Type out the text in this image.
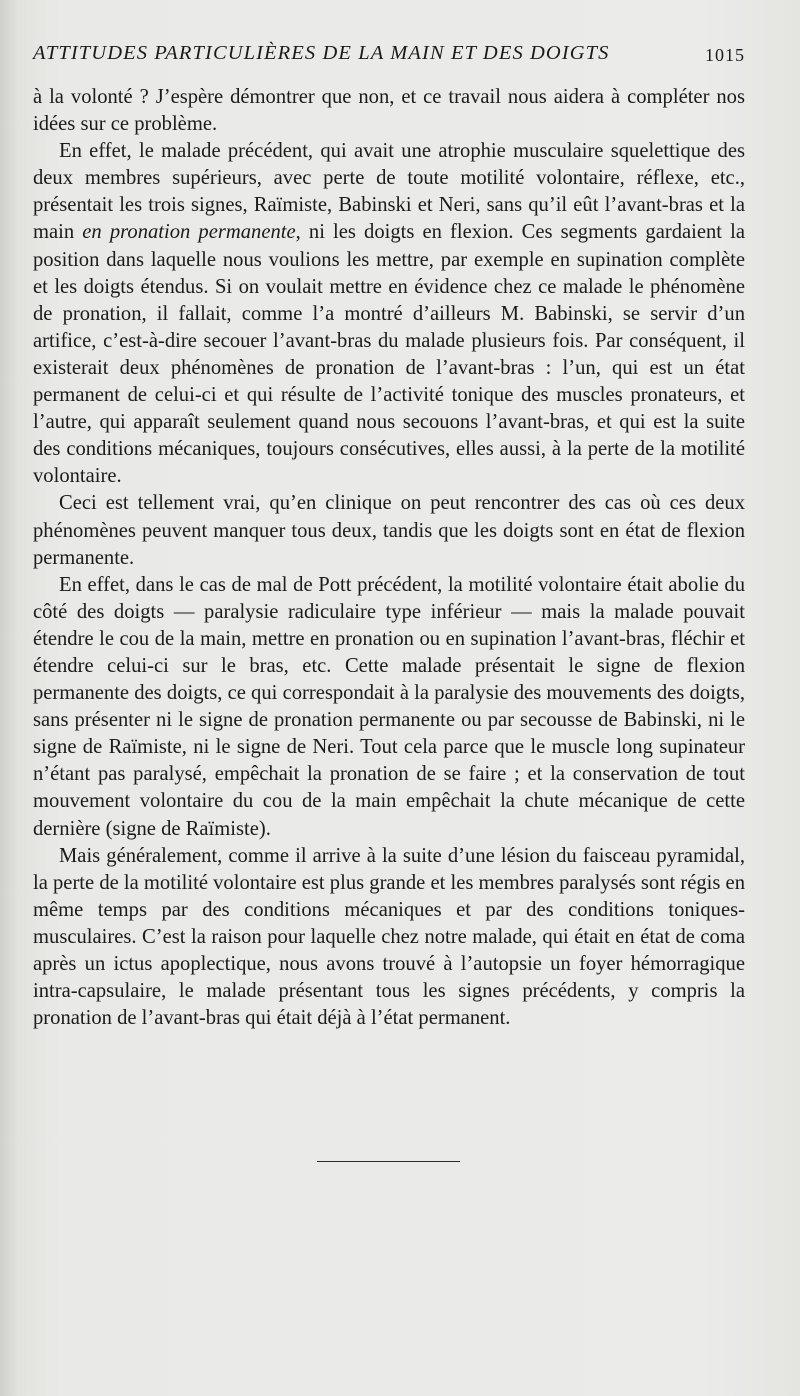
ATTITUDES PARTICULIÈRES DE LA MAIN ET DES DOIGTS	1015

à la volonté ? J’espère démontrer que non, et ce travail nous aidera à compléter nos idées sur ce problème.

En effet, le malade précédent, qui avait une atrophie musculaire squelettique des deux membres supérieurs, avec perte de toute motilité volontaire, réflexe, etc., présentait les trois signes, Raïmiste, Babinski et Neri, sans qu’il eût l’avant-bras et la main en pronation permanente, ni les doigts en flexion. Ces segments gardaient la position dans laquelle nous voulions les mettre, par exemple en supination complète et les doigts étendus. Si on voulait mettre en évidence chez ce malade le phénomène de pronation, il fallait, comme l’a montré d’ailleurs M. Babinski, se servir d’un artifice, c’est-à-dire secouer l’avant-bras du malade plusieurs fois. Par conséquent, il existerait deux phénomènes de pronation de l’avant-bras : l’un, qui est un état permanent de celui-ci et qui résulte de l’activité tonique des muscles pronateurs, et l’autre, qui apparaît seulement quand nous secouons l’avant-bras, et qui est la suite des conditions mécaniques, toujours consécutives, elles aussi, à la perte de la motilité volontaire.

Ceci est tellement vrai, qu’en clinique on peut rencontrer des cas où ces deux phénomènes peuvent manquer tous deux, tandis que les doigts sont en état de flexion permanente.

En effet, dans le cas de mal de Pott précédent, la motilité volontaire était abolie du côté des doigts — paralysie radiculaire type inférieur — mais la malade pouvait étendre le cou de la main, mettre en pronation ou en supination l’avant-bras, fléchir et étendre celui-ci sur le bras, etc. Cette malade présentait le signe de flexion permanente des doigts, ce qui correspondait à la paralysie des mouvements des doigts, sans présenter ni le signe de pronation permanente ou par secousse de Babinski, ni le signe de Raïmiste, ni le signe de Neri. Tout cela parce que le muscle long supinateur n’étant pas paralysé, empêchait la pronation de se faire ; et la conservation de tout mouvement volontaire du cou de la main empêchait la chute mécanique de cette dernière (signe de Raïmiste).

Mais généralement, comme il arrive à la suite d’une lésion du faisceau pyramidal, la perte de la motilité volontaire est plus grande et les membres paralysés sont régis en même temps par des conditions mécaniques et par des conditions toniques-musculaires. C’est la raison pour laquelle chez notre malade, qui était en état de coma après un ictus apoplectique, nous avons trouvé à l’autopsie un foyer hémorragique intra-capsulaire, le malade présentant tous les signes précédents, y compris la pronation de l’avant-bras qui était déjà à l’état permanent.
